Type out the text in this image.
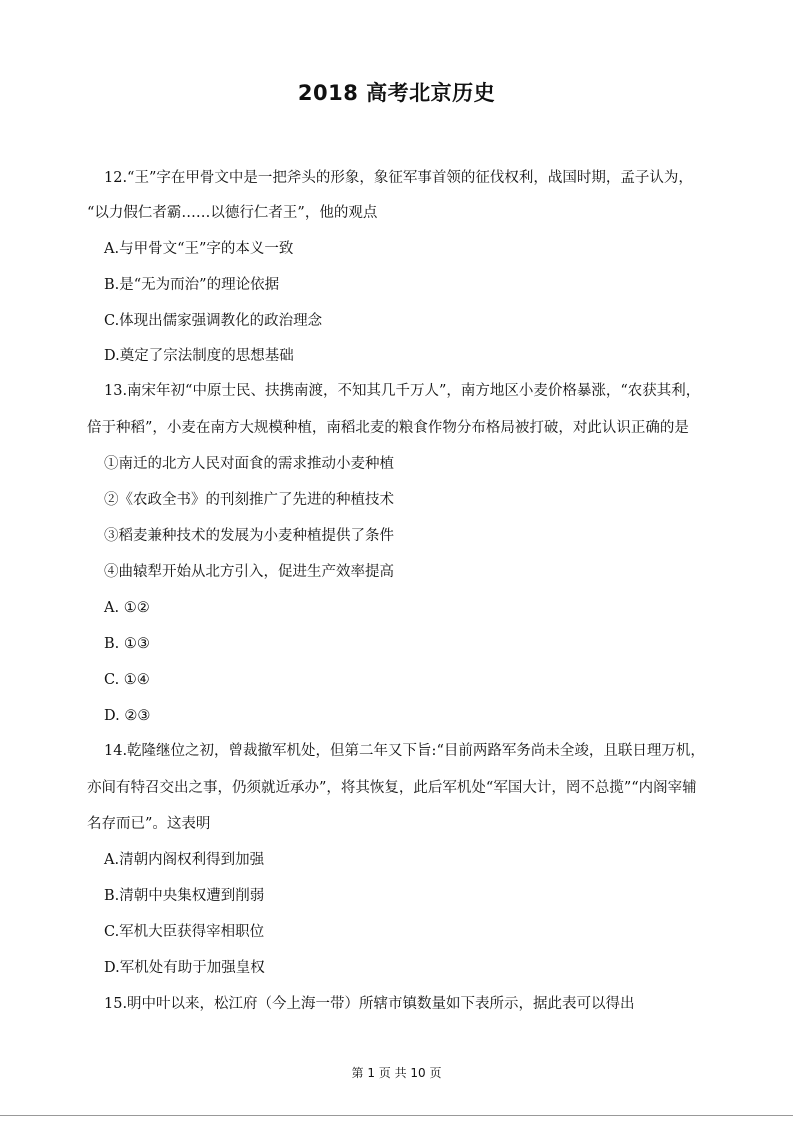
2018 高考北京历史
12.“王”字在甲骨文中是一把斧头的形象，象征军事首领的征伐权利，战国时期，孟子认为，
“以力假仁者霸……以德行仁者王”，他的观点
A.与甲骨文“王”字的本义一致
B.是“无为而治”的理论依据
C.体现出儒家强调教化的政治理念
D.奠定了宗法制度的思想基础
13.南宋年初“中原士民、扶携南渡，不知其几千万人”，南方地区小麦价格暴涨，“农获其利，
倍于种稻”，小麦在南方大规模种植，南稻北麦的粮食作物分布格局被打破，对此认识正确的是
①南迁的北方人民对面食的需求推动小麦种植
②《农政全书》的刊刻推广了先进的种植技术
③稻麦兼种技术的发展为小麦种植提供了条件
④曲辕犁开始从北方引入，促进生产效率提高
A. ①②
B. ①③
C. ①④
D. ②③
14.乾隆继位之初，曾裁撤军机处，但第二年又下旨:“目前两路军务尚未全竣，且联日理万机，
亦间有特召交出之事，仍须就近承办”，将其恢复，此后军机处“军国大计，罔不总揽”“内阁宰辅
名存而已”。这表明
A.清朝内阁权利得到加强
B.清朝中央集权遭到削弱
C.军机大臣获得宰相职位
D.军机处有助于加强皇权
15.明中叶以来，松江府（今上海一带）所辖市镇数量如下表所示，据此表可以得出
第 1 页 共 10 页
